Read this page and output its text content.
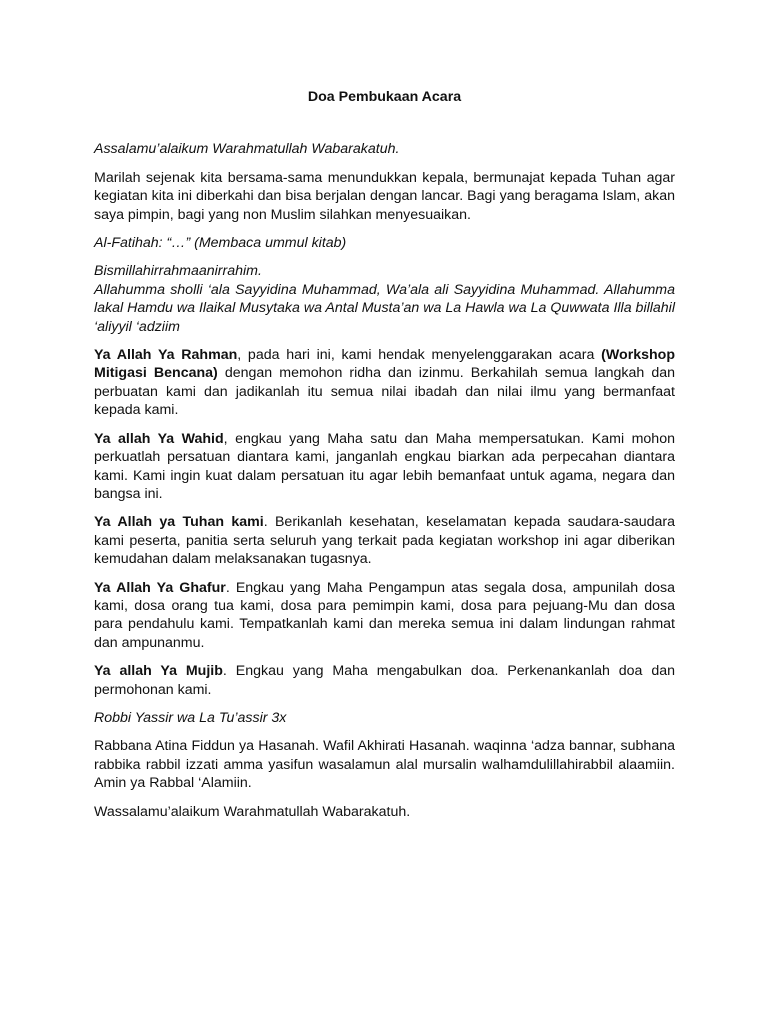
Doa Pembukaan Acara

Assalamu’alaikum Warahmatullah Wabarakatuh.

Marilah sejenak kita bersama-sama menundukkan kepala, bermunajat kepada Tuhan agar kegiatan kita ini diberkahi dan bisa berjalan dengan lancar. Bagi yang beragama Islam, akan saya pimpin, bagi yang non Muslim silahkan menyesuaikan.

Al-Fatihah: “…” (Membaca ummul kitab)

Bismillahirrahmaanirrahim.
Allahumma sholli ‘ala Sayyidina Muhammad, Wa’ala ali Sayyidina Muhammad. Allahumma lakal Hamdu wa Ilaikal Musytaka wa Antal Musta’an wa La Hawla wa La Quwwata Illa billahil ‘aliyyil ‘adziim

Ya Allah Ya Rahman, pada hari ini, kami hendak menyelenggarakan acara (Workshop Mitigasi Bencana) dengan memohon ridha dan izinmu. Berkahilah semua langkah dan perbuatan kami dan jadikanlah itu semua nilai ibadah dan nilai ilmu yang bermanfaat kepada kami.

Ya allah Ya Wahid, engkau yang Maha satu dan Maha mempersatukan. Kami mohon perkuatlah persatuan diantara kami, janganlah engkau biarkan ada perpecahan diantara kami. Kami ingin kuat dalam persatuan itu agar lebih bemanfaat untuk agama, negara dan bangsa ini.

Ya Allah ya Tuhan kami. Berikanlah kesehatan, keselamatan kepada saudara-saudara kami peserta, panitia serta seluruh yang terkait pada kegiatan workshop ini agar diberikan kemudahan dalam melaksanakan tugasnya.

Ya Allah Ya Ghafur. Engkau yang Maha Pengampun atas segala dosa, ampunilah dosa kami, dosa orang tua kami, dosa para pemimpin kami, dosa para pejuang-Mu dan dosa para pendahulu kami. Tempatkanlah kami dan mereka semua ini dalam lindungan rahmat dan ampunanmu.

Ya allah Ya Mujib. Engkau yang Maha mengabulkan doa. Perkenankanlah doa dan permohonan kami.

Robbi Yassir wa La Tu’assir 3x

Rabbana Atina Fiddun ya Hasanah. Wafil Akhirati Hasanah. waqinna ‘adza bannar, subhana rabbika rabbil izzati amma yasifun wasalamun alal mursalin walhamdulillahirabbil alaamiin. Amin ya Rabbal ‘Alamiin.

Wassalamu’alaikum Warahmatullah Wabarakatuh.
